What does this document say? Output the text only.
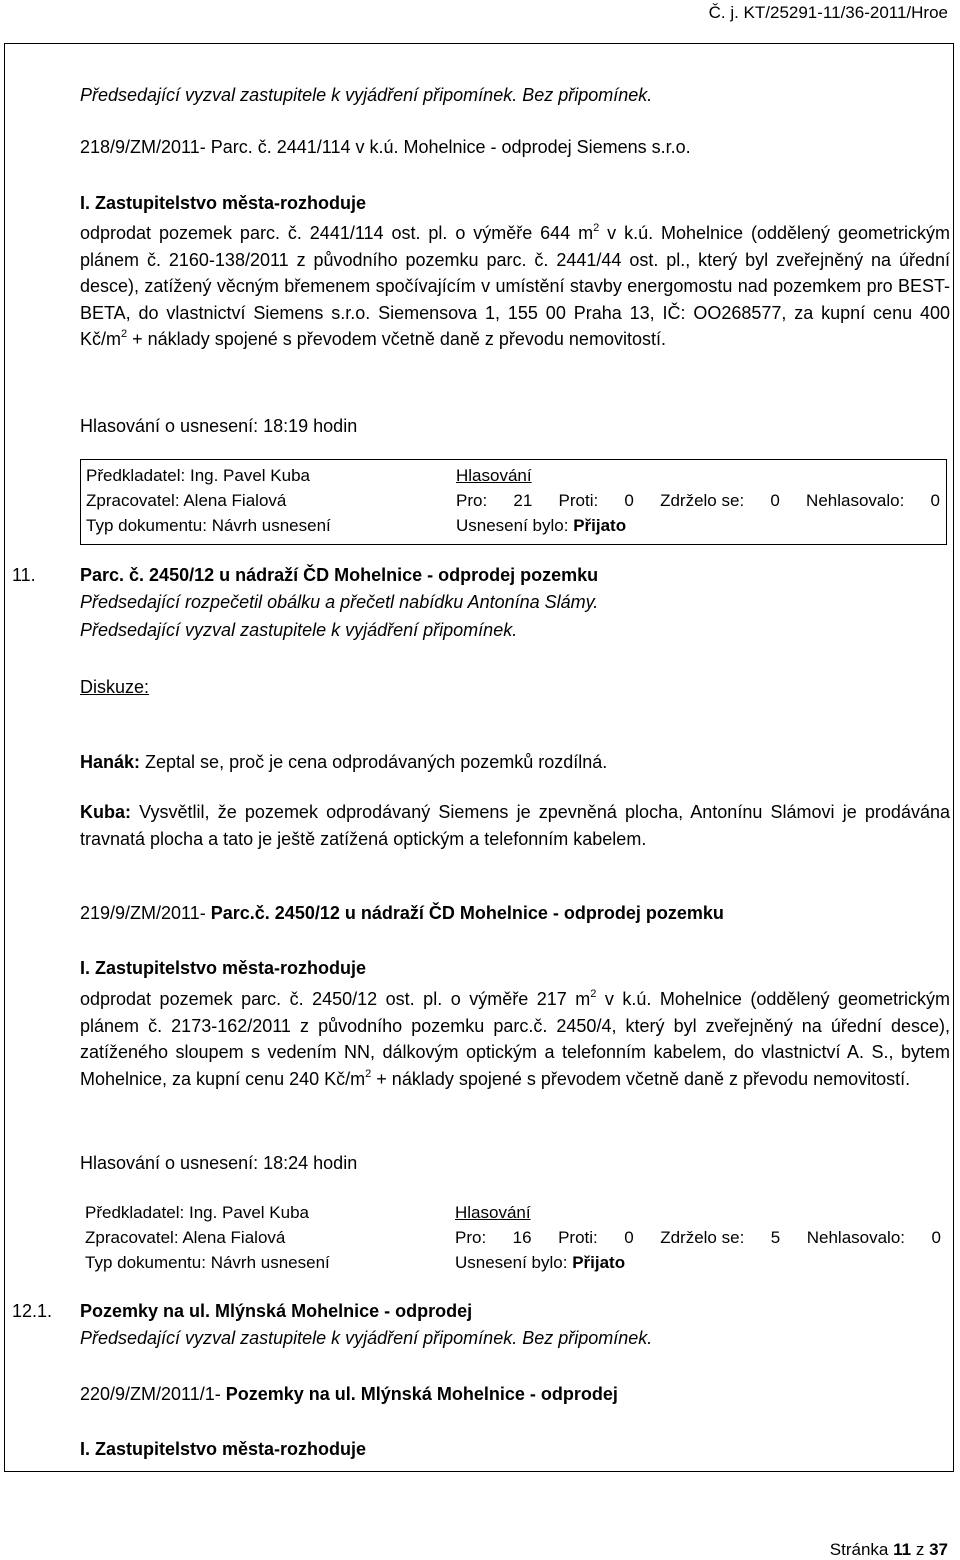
Č. j. KT/25291-11/36-2011/Hroe
Předsedající vyzval zastupitele k vyjádření připomínek. Bez připomínek.
218/9/ZM/2011- Parc. č. 2441/114 v k.ú. Mohelnice - odprodej Siemens s.r.o.
I. Zastupitelstvo města-rozhoduje
odprodat pozemek parc. č. 2441/114 ost. pl. o výměře 644 $m^2$ v k.ú. Mohelnice (oddělený geometrickým plánem č. 2160-138/2011 z původního pozemku parc. č. 2441/44 ost. pl., který byl zveřejněný na úřední desce), zatížený věcným břemenem spočívajícím v umístění stavby energomostu nad pozemkem pro BEST-BETA, do vlastnictví Siemens s.r.o. Siemensova 1, 155 00 Praha 13, IČ: OO268577, za kupní cenu 400 $Kč/m^2$ + náklady spojené s převodem včetně daně z převodu nemovitostí.
Hlasování o usnesení: 18:19 hodin
Předkladatel: Ing. Pavel Kuba
Zpracovatel: Alena Fialová
Typ dokumentu: Návrh usnesení
Hlasování
Pro: 21 Proti: 0 Zdrželo se: 0 Nehlasovalo: 0
Usnesení bylo: Přijato
11. Parc. č. 2450/12 u nádraží ČD Mohelnice - odprodej pozemku
Předsedající rozpečetil obálku a přečetl nabídku Antonína Slámy.
Předsedající vyzval zastupitele k vyjádření připomínek.
Diskuze:
Hanák: Zeptal se, proč je cena odprodávaných pozemků rozdílná.
Kuba: Vysvětlil, že pozemek odprodávaný Siemens je zpevněná plocha, Antonínu Slámovi je prodávána travnatá plocha a tato je ještě zatížená optickým a telefonním kabelem.
219/9/ZM/2011- Parc.č. 2450/12 u nádraží ČD Mohelnice - odprodej pozemku
I. Zastupitelstvo města-rozhoduje
odprodat pozemek parc. č. 2450/12 ost. pl. o výměře 217 $m^2$ v k.ú. Mohelnice (oddělený geometrickým plánem č. 2173-162/2011 z původního pozemku parc.č. 2450/4, který byl zveřejněný na úřední desce), zatíženého sloupem s vedením NN, dálkovým optickým a telefonním kabelem, do vlastnictví A. S., bytem Mohelnice, za kupní cenu 240 $Kč/m^2$ + náklady spojené s převodem včetně daně z převodu nemovitostí.
Hlasování o usnesení: 18:24 hodin
Předkladatel: Ing. Pavel Kuba
Zpracovatel: Alena Fialová
Typ dokumentu: Návrh usnesení
Hlasování
Pro: 16 Proti: 0 Zdrželo se: 5 Nehlasovalo: 0
Usnesení bylo: Přijato
12.1. Pozemky na ul. Mlýnská Mohelnice - odprodej
Předsedající vyzval zastupitele k vyjádření připomínek. Bez připomínek.
220/9/ZM/2011/1- Pozemky na ul. Mlýnská Mohelnice - odprodej
I. Zastupitelstvo města-rozhoduje
Stránka 11 z 37
